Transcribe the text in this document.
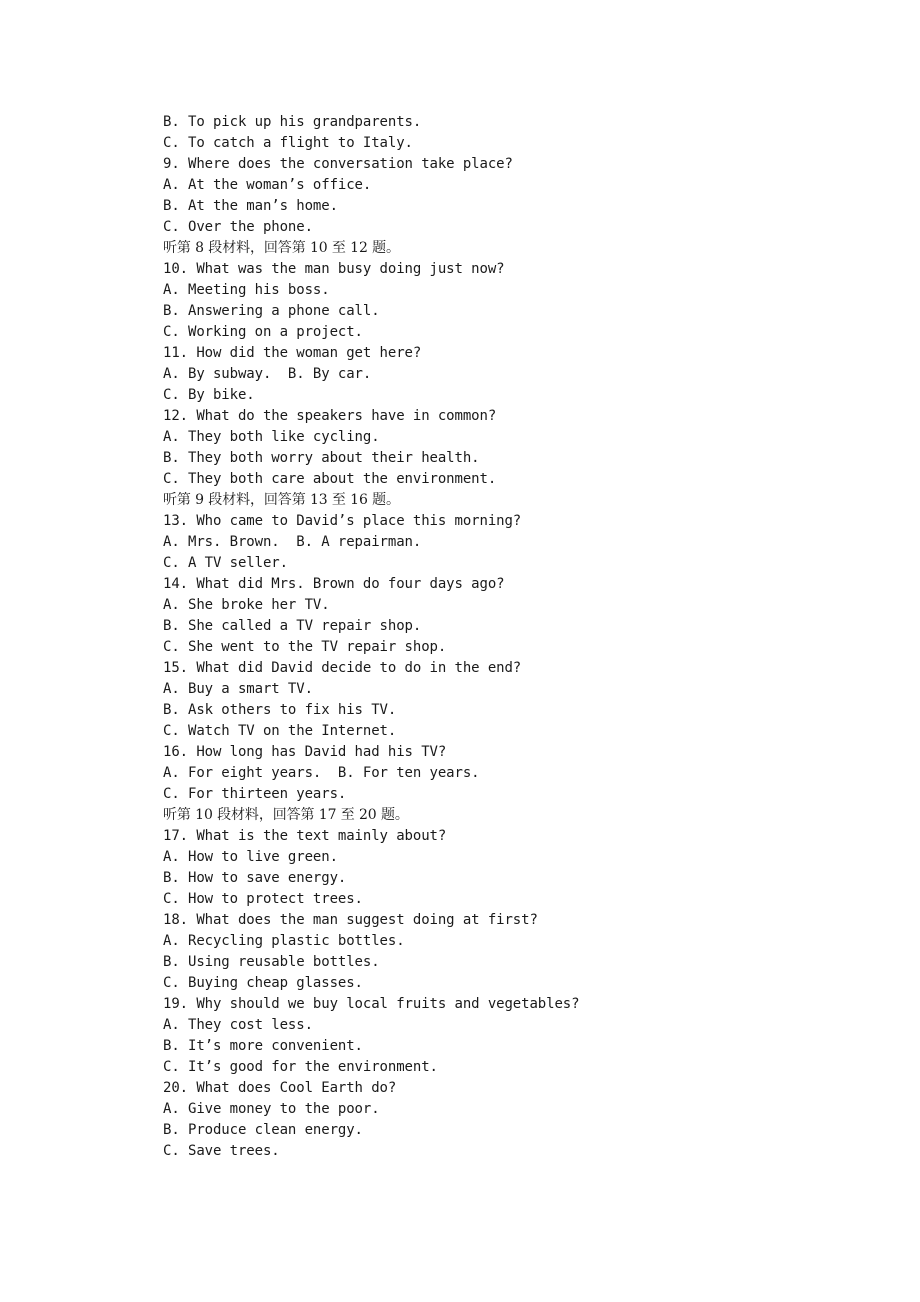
B. To pick up his grandparents.
C. To catch a flight to Italy.
9. Where does the conversation take place?
A. At the woman’s office.
B. At the man’s home.
C. Over the phone.
听第 8 段材料，回答第 10 至 12 题。
10. What was the man busy doing just now?
A. Meeting his boss.
B. Answering a phone call.
C. Working on a project.
11. How did the woman get here?
A. By subway.  B. By car.
C. By bike.
12. What do the speakers have in common?
A. They both like cycling.
B. They both worry about their health.
C. They both care about the environment.
听第 9 段材料，回答第 13 至 16 题。
13. Who came to David’s place this morning?
A. Mrs. Brown.  B. A repairman.
C. A TV seller.
14. What did Mrs. Brown do four days ago?
A. She broke her TV.
B. She called a TV repair shop.
C. She went to the TV repair shop.
15. What did David decide to do in the end?
A. Buy a smart TV.
B. Ask others to fix his TV.
C. Watch TV on the Internet.
16. How long has David had his TV?
A. For eight years.  B. For ten years.
C. For thirteen years.
听第 10 段材料，回答第 17 至 20 题。
17. What is the text mainly about?
A. How to live green.
B. How to save energy.
C. How to protect trees.
18. What does the man suggest doing at first?
A. Recycling plastic bottles.
B. Using reusable bottles.
C. Buying cheap glasses.
19. Why should we buy local fruits and vegetables?
A. They cost less.
B. It’s more convenient.
C. It’s good for the environment.
20. What does Cool Earth do?
A. Give money to the poor.
B. Produce clean energy.
C. Save trees.
